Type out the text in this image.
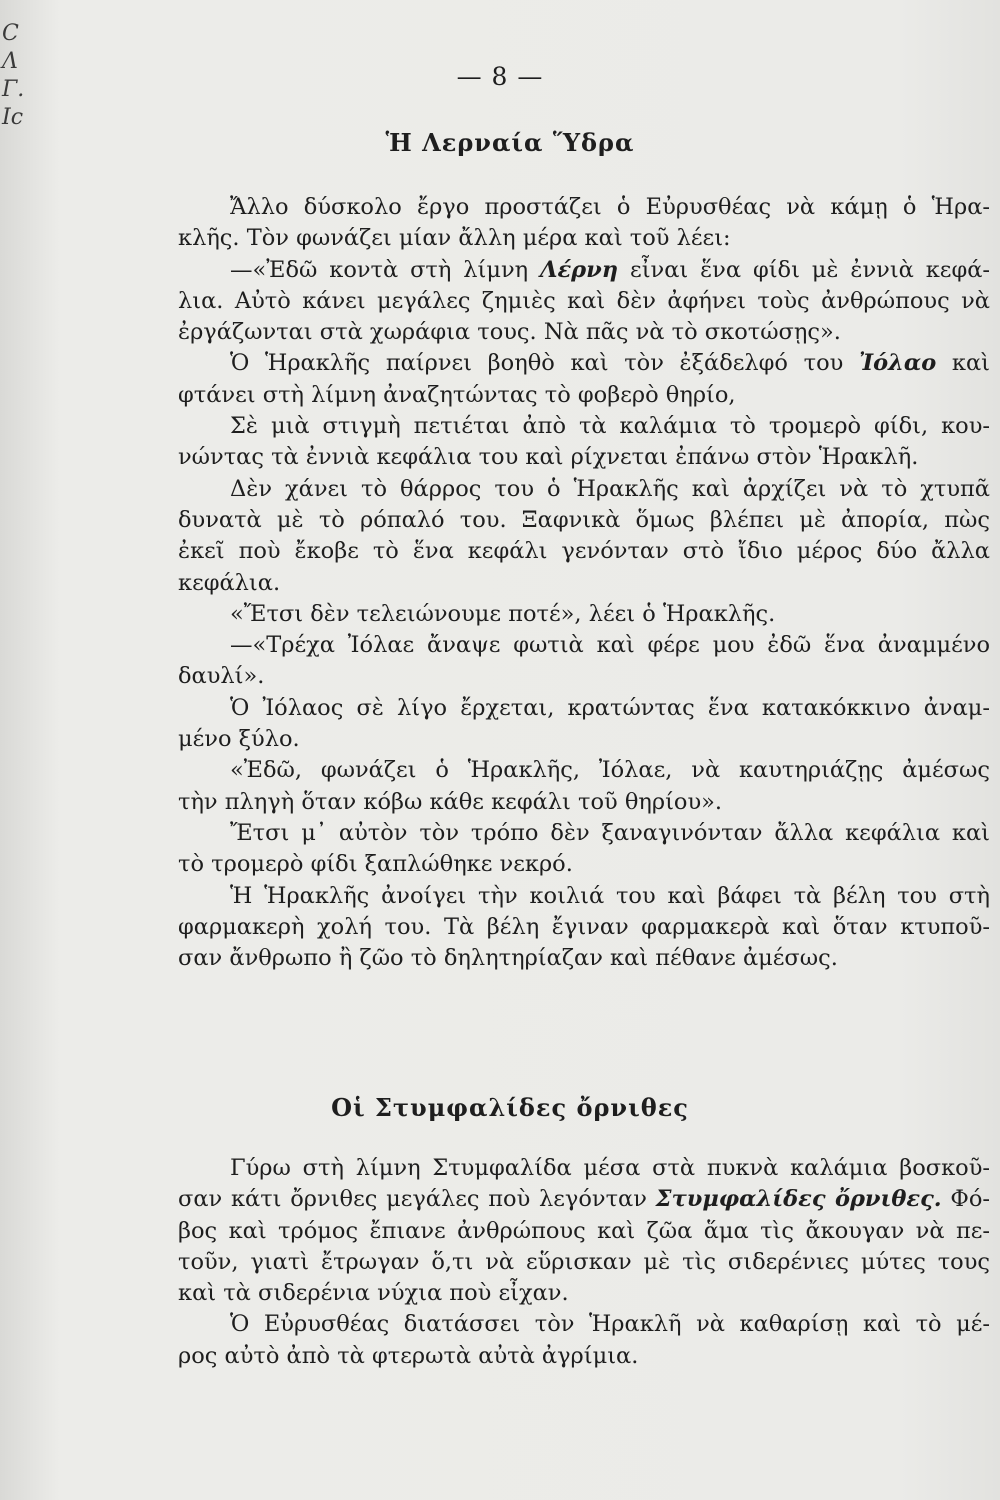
C
Λ
Γ.
Ic
— 8 —
Ἡ Λερναία Ὕδρα
Ἄλλο δύσκολο ἔργο προστάζει ὁ Εὐρυσθέας νὰ κάμῃ ὁ Ἡρα-
κλῆς. Τὸν φωνάζει μίαν ἄλλη μέρα καὶ τοῦ λέει:
—«Ἐδῶ κοντὰ στὴ λίμνη Λέρνη εἶναι ἕνα φίδι μὲ ἐννιὰ κεφά-
λια. Αὐτὸ κάνει μεγάλες ζημιὲς καὶ δὲν ἀφήνει τοὺς ἀνθρώπους νὰ
ἐργάζωνται στὰ χωράφια τους. Νὰ πᾶς νὰ τὸ σκοτώσῃς».
Ὁ Ἡρακλῆς παίρνει βοηθὸ καὶ τὸν ἐξάδελφό του Ἰόλαο καὶ
φτάνει στὴ λίμνη ἀναζητώντας τὸ φοβερὸ θηρίο,
Σὲ μιὰ στιγμὴ πετιέται ἀπὸ τὰ καλάμια τὸ τρομερὸ φίδι, κου-
νώντας τὰ ἐννιὰ κεφάλια του καὶ ρίχνεται ἐπάνω στὸν Ἡρακλῆ.
Δὲν χάνει τὸ θάρρος του ὁ Ἡρακλῆς καὶ ἀρχίζει νὰ τὸ χτυπᾶ
δυνατὰ μὲ τὸ ρόπαλό του. Ξαφνικὰ ὅμως βλέπει μὲ ἀπορία, πὼς
ἐκεῖ ποὺ ἔκοβε τὸ ἕνα κεφάλι γενόνταν στὸ ἴδιο μέρος δύο ἄλλα
κεφάλια.
«Ἔτσι δὲν τελειώνουμε ποτέ», λέει ὁ Ἡρακλῆς.
—«Τρέχα Ἰόλαε ἄναψε φωτιὰ καὶ φέρε μου ἐδῶ ἕνα ἀναμμένο
δαυλί».
Ὁ Ἰόλαος σὲ λίγο ἔρχεται, κρατώντας ἕνα κατακόκκινο ἀναμ-
μένο ξύλο.
«Ἐδῶ, φωνάζει ὁ Ἡρακλῆς, Ἰόλαε, νὰ καυτηριάζῃς ἀμέσως
τὴν πληγὴ ὅταν κόβω κάθε κεφάλι τοῦ θηρίου».
Ἔτσι μ᾽ αὐτὸν τὸν τρόπο δὲν ξαναγινόνταν ἄλλα κεφάλια καὶ
τὸ τρομερὸ φίδι ξαπλώθηκε νεκρό.
Ἡ Ἡρακλῆς ἀνοίγει τὴν κοιλιά του καὶ βάφει τὰ βέλη του στὴ
φαρμακερὴ χολή του. Τὰ βέλη ἔγιναν φαρμακερὰ καὶ ὅταν κτυποῦ-
σαν ἄνθρωπο ἢ ζῶο τὸ δηλητηρίαζαν καὶ πέθανε ἀμέσως.
Οἱ Στυμφαλίδες ὄρνιθες
Γύρω στὴ λίμνη Στυμφαλίδα μέσα στὰ πυκνὰ καλάμια βοσκοῦ-
σαν κάτι ὄρνιθες μεγάλες ποὺ λεγόνταν Στυμφαλίδες ὄρνιθες. Φό-
βος καὶ τρόμος ἔπιανε ἀνθρώπους καὶ ζῶα ἅμα τὶς ἄκουγαν νὰ πε-
τοῦν, γιατὶ ἔτρωγαν ὅ,τι νὰ εὕρισκαν μὲ τὶς σιδερένιες μύτες τους
καὶ τὰ σιδερένια νύχια ποὺ εἶχαν.
Ὁ Εὐρυσθέας διατάσσει τὸν Ἡρακλῆ νὰ καθαρίσῃ καὶ τὸ μέ-
ρος αὐτὸ ἀπὸ τὰ φτερωτὰ αὐτὰ ἀγρίμια.
